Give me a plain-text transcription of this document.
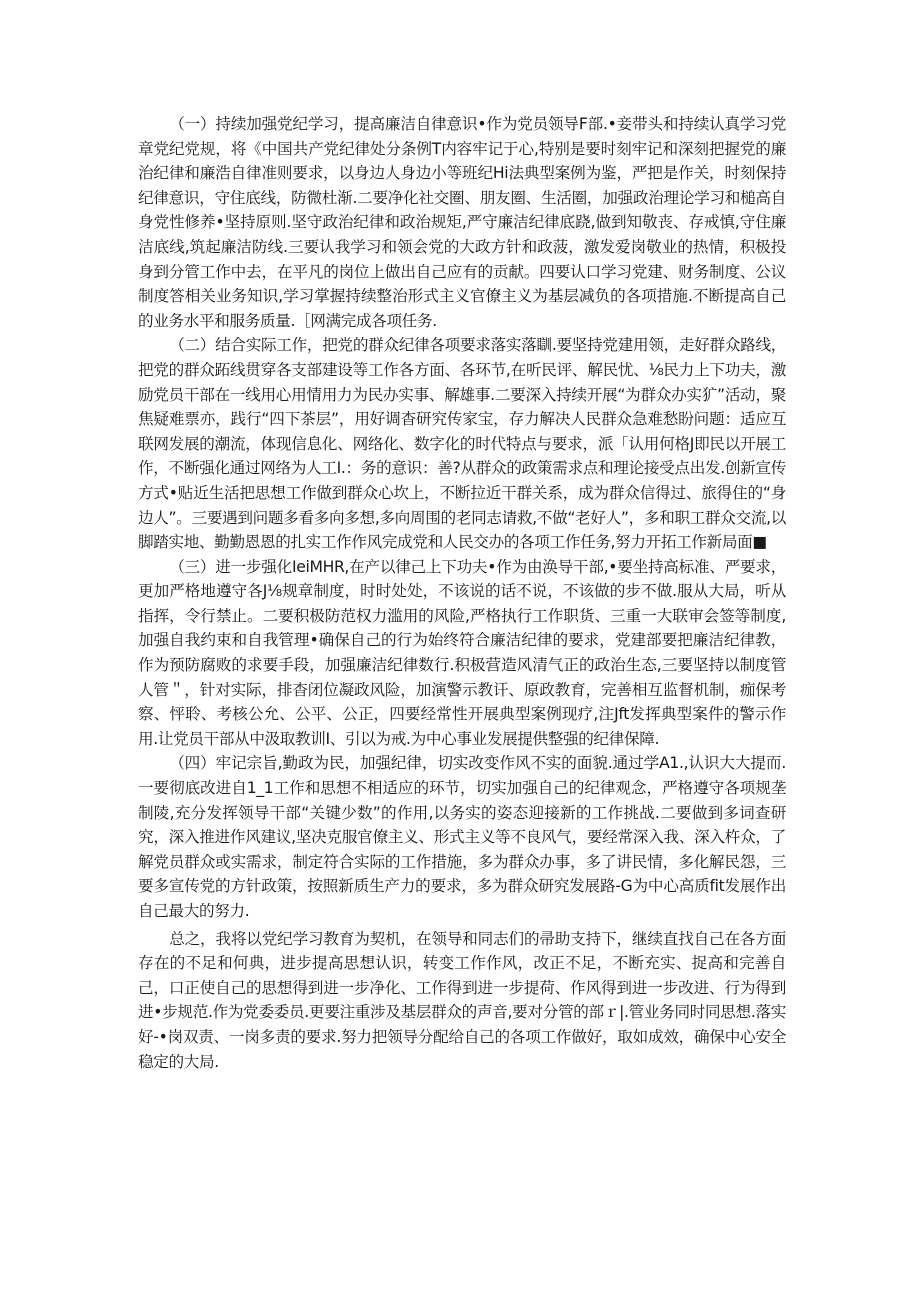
（一）持续加强党纪学习，提高廉洁自律意识•作为党员领导F部.•妾带头和持续认真学习党章党纪党规，将《中国共产党纪律处分条例T内容牢记于心,特别是要时刻牢记和深刻把握党的廉治纪律和廉浩自律准则要求，以身边人身边小等班纪Hi法典型案例为鉴，严把是作关，时刻保持纪律意识，守住底线，防微杜渐.二要净化社交圈、朋友圈、生活圈，加强政治理论学习和槌高自身党性修养•坚持原则.坚守政治纪律和政治规矩,严守廉洁纪律底跷,做到知敬丧、存戒慎,守住廉洁底线,筑起廉洁防线.三要认我学习和领会党的大政方针和政菠，激发爱岗敬业的热情，积极投身到分管工作中去，在平凡的岗位上做出自己应有的贡献。四要认口学习党建、财务制度、公议制度答相关业务知识,学习掌握持续整治形式主义官僚主义为基层减负的各项措施.不断提高自己的业务水平和服务质量.［网满完成各项任务.

（二）结合实际工作，把党的群众纪律各项要求落实落瞓.要坚持党建用领，走好群众路线，把党的群众跖线贯穿各支部建设等工作各方面、各环节,在听民评、解民忧、⅛民力上下功夫，激励党员干部在一线用心用情用力为民办实事、解雄事.二要深入持续开展“为群众办实犷”活动，聚焦疑难票亦，践行“四下茶层”，用好调杳研究传家宝，存力解决人民群众急难愁盼问题：适应互联网发展的潮流，体现信息化、网络化、数字化的时代特点与要求，派「认用何格J即民以开展工作，不断强化通过网络为人工I.：务的意识：善?从群众的政策需求点和理论接受点出发.创新宣传方式•贴近生活把思想工作做到群众心坎上，不断拉近干群关系，成为群众信得过、旅得住的“身边人”。三要遇到问题多看多向多想,多向周围的老同志请救,不做“老好人”，多和职工群众交流,以脚踏实地、勤勤恩恩的扎实工作作风完成党和人民交办的各项工作任务,努力开拓工作新局面■

（三）进一步强化IeiMHR,在产以律己上下功夫•作为由涣导干部,•要坐持高标准、严要求，更加严格地遵守各J⅛规章制度，时时处处，不该说的话不说，不该做的步不做.服从大局，听从指挥，令行禁止。二要积极防范权力滥用的风险,严格执行工作职货、三重一大联审会签等制度,加强自我约束和自我管理•确保自己的行为始终符合廉洁纪律的要求，党建部要把廉洁纪律教，作为预防腐败的求要手段，加强廉洁纪律数行.积极营造风清气正的政治生态,三要坚持以制度管人管＂，针对实际，排杳闭位凝政风险，加演警示教讦、原政教育，完善相互监督机制，痂保考察、怦聆、考核公允、公平、公正，四要经常性开展典型案例现疗,注Jft发挥典型案件的警示作用.让党员干部从中汲取教训I、引以为戒.为中心事业发展提供整强的纪律保障.

（四）牢记宗旨,勤政为民，加强纪律，切实改变作风不实的面貌.通过学A1.,认识大大提而.一要彻底改进自1_1工作和思想不相适应的环节，切实加强自己的纪律观念，严格遵守各项规垄制陵,充分发挥领导干部“关键少数”的作用,以务实的姿态迎接新的工作挑战.二要做到多词查研究，深入推进作风建议,坚决克服官僚主义、形式主义等不良风气，要经常深入我、深入杵众，了解党员群众或实需求，制定符合实际的工作措施，多为群众办事，多了讲民情，多化解民怨，三要多宣传党的方针政策，按照新质生产力的要求，多为群众研究发展路-G为中心高质fit发展作出自己最大的努力.

总之，我将以党纪学习教育为契机，在领导和同志们的帚助支持下，继续直找自己在各方面存在的不足和何典，进步提高思想认识，转变工作作风，改正不足，不断充实、捉高和完善自己，口正使自己的思想得到进一步净化、工作得到进一步提荷、作风得到进一步改进、行为得到进•步规范.作为党委委员.更要注重涉及基层群众的声音,要对分管的部ｒ|.管业务同时同思想.落实好-•岗双责、一岗多责的要求.努力把领导分配给自己的各项工作做好，取如成效，确保中心安全稳定的大局.
